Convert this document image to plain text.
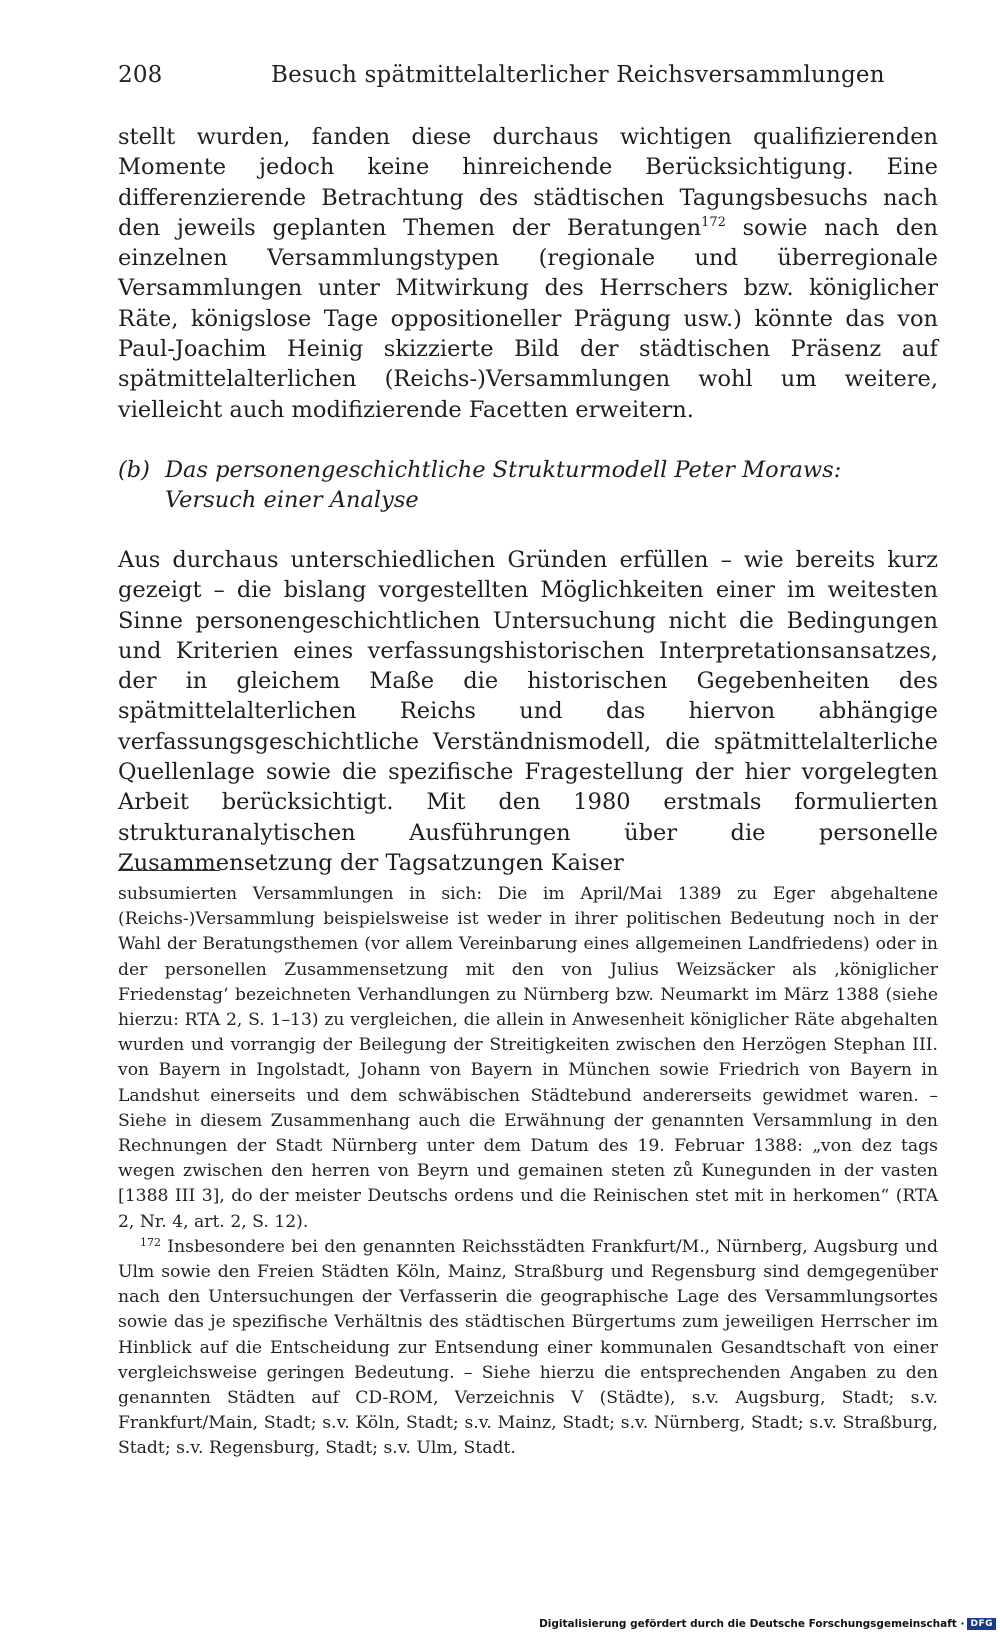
208	Besuch spätmittelalterlicher Reichsversammlungen
stellt wurden, fanden diese durchaus wichtigen qualifizierenden Momente jedoch keine hinreichende Berücksichtigung. Eine differenzierende Betrachtung des städtischen Tagungsbesuchs nach den jeweils geplanten Themen der Beratungen$^{172}$ sowie nach den einzelnen Versammlungstypen (regionale und überregionale Versammlungen unter Mitwirkung des Herrschers bzw. königlicher Räte, königslose Tage oppositioneller Prägung usw.) könnte das von Paul-Joachim Heinig skizzierte Bild der städtischen Präsenz auf spätmittelalterlichen (Reichs-)Versammlungen wohl um weitere, vielleicht auch modifizierende Facetten erweitern.
(b) Das personengeschichtliche Strukturmodell Peter Moraws:
Versuch einer Analyse
Aus durchaus unterschiedlichen Gründen erfüllen – wie bereits kurz gezeigt – die bislang vorgestellten Möglichkeiten einer im weitesten Sinne personengeschichtlichen Untersuchung nicht die Bedingungen und Kriterien eines verfassungshistorischen Interpretationsansatzes, der in gleichem Maße die historischen Gegebenheiten des spätmittelalterlichen Reichs und das hiervon abhängige verfassungsgeschichtliche Verständnismodell, die spätmittelalterliche Quellenlage sowie die spezifische Fragestellung der hier vorgelegten Arbeit berücksichtigt. Mit den 1980 erstmals formulierten strukturanalytischen Ausführungen über die personelle Zusammensetzung der Tagsatzungen Kaiser

subsumierten Versammlungen in sich: Die im April/Mai 1389 zu Eger abgehaltene (Reichs-)Versammlung beispielsweise ist weder in ihrer politischen Bedeutung noch in der Wahl der Beratungsthemen (vor allem Vereinbarung eines allgemeinen Landfriedens) oder in der personellen Zusammensetzung mit den von Julius Weizsäcker als ‚königlicher Friedenstag‘ bezeichneten Verhandlungen zu Nürnberg bzw. Neumarkt im März 1388 (siehe hierzu: RTA 2, S. 1–13) zu vergleichen, die allein in Anwesenheit königlicher Räte abgehalten wurden und vorrangig der Beilegung der Streitigkeiten zwischen den Herzögen Stephan III. von Bayern in Ingolstadt, Johann von Bayern in München sowie Friedrich von Bayern in Landshut einerseits und dem schwäbischen Städtebund andererseits gewidmet waren. – Siehe in diesem Zusammenhang auch die Erwähnung der genannten Versammlung in den Rechnungen der Stadt Nürnberg unter dem Datum des 19. Februar 1388: „von dez tags wegen zwischen den herren von Beyrn und gemainen steten zů Kunegunden in der vasten [1388 III 3], do der meister Deutschs ordens und die Reinischen stet mit in herkomen“ (RTA 2, Nr. 4, art. 2, S. 12).

$^{172}$ Insbesondere bei den genannten Reichsstädten Frankfurt/M., Nürnberg, Augsburg und Ulm sowie den Freien Städten Köln, Mainz, Straßburg und Regensburg sind demgegenüber nach den Untersuchungen der Verfasserin die geographische Lage des Versammlungsortes sowie das je spezifische Verhältnis des städtischen Bürgertums zum jeweiligen Herrscher im Hinblick auf die Entscheidung zur Entsendung einer kommunalen Gesandtschaft von einer vergleichsweise geringen Bedeutung. – Siehe hierzu die entsprechenden Angaben zu den genannten Städten auf CD-ROM, Verzeichnis V (Städte), s.v. Augsburg, Stadt; s.v. Frankfurt/Main, Stadt; s.v. Köln, Stadt; s.v. Mainz, Stadt; s.v. Nürnberg, Stadt; s.v. Straßburg, Stadt; s.v. Regensburg, Stadt; s.v. Ulm, Stadt.

Digitalisierung gefördert durch die Deutsche Forschungsgemeinschaft · DFG
